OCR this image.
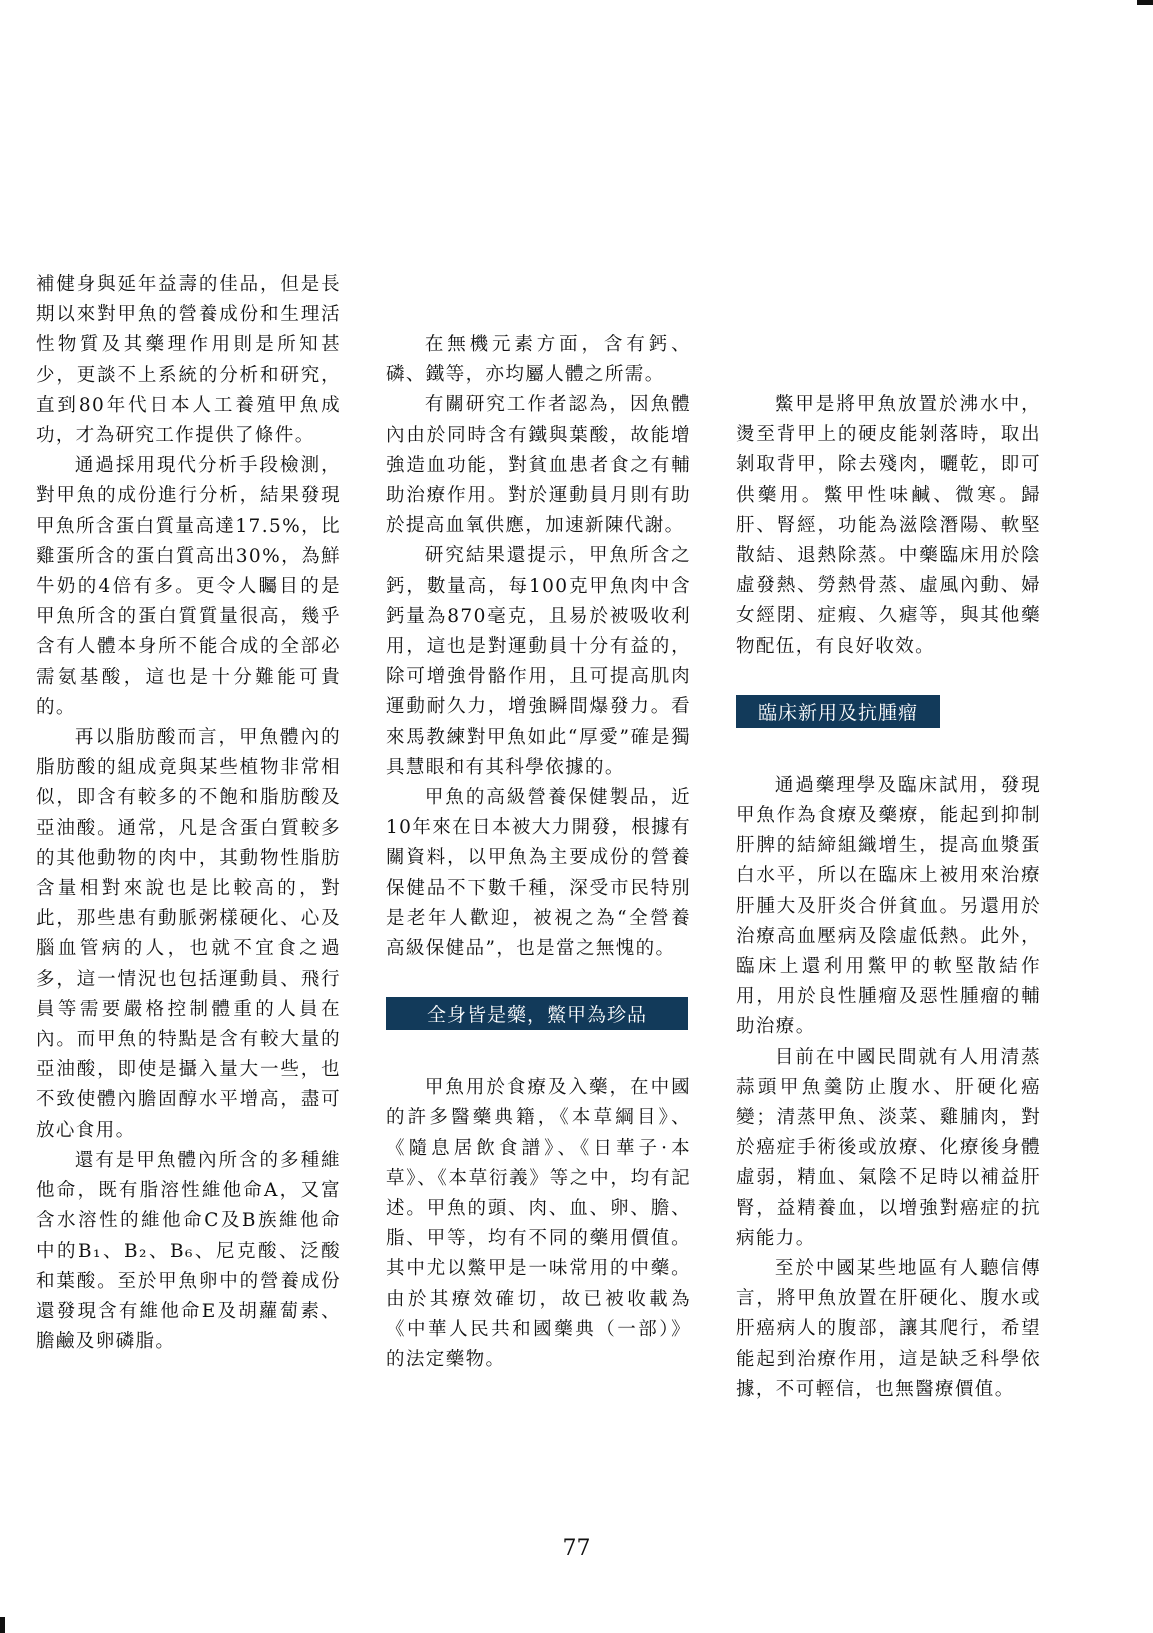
補健身與延年益壽的佳品，但是長期以來對甲魚的營養成份和生理活性物質及其藥理作用則是所知甚少，更談不上系統的分析和研究，直到80年代日本人工養殖甲魚成功，才為研究工作提供了條件。

通過採用現代分析手段檢測，對甲魚的成份進行分析，結果發現甲魚所含蛋白質量高達17.5%，比雞蛋所含的蛋白質高出30%，為鮮牛奶的4倍有多。更令人矚目的是甲魚所含的蛋白質質量很高，幾乎含有人體本身所不能合成的全部必需氨基酸，這也是十分難能可貴的。

再以脂肪酸而言，甲魚體內的脂肪酸的組成竟與某些植物非常相似，即含有較多的不飽和脂肪酸及亞油酸。通常，凡是含蛋白質較多的其他動物的肉中，其動物性脂肪含量相對來說也是比較高的，對此，那些患有動脈粥樣硬化、心及腦血管病的人，也就不宜食之過多，這一情況也包括運動員、飛行員等需要嚴格控制體重的人員在內。而甲魚的特點是含有較大量的亞油酸，即使是攝入量大一些，也不致使體內膽固醇水平增高，盡可放心食用。

還有是甲魚體內所含的多種維他命，既有脂溶性維他命A，又富含水溶性的維他命C及B族維他命中的B₁、B₂、B₆、尼克酸、泛酸和葉酸。至於甲魚卵中的營養成份還發現含有維他命E及胡蘿蔔素、膽鹼及卵磷脂。

在無機元素方面，含有鈣、磷、鐵等，亦均屬人體之所需。

有關研究工作者認為，因魚體內由於同時含有鐵與葉酸，故能增強造血功能，對貧血患者食之有輔助治療作用。對於運動員月則有助於提高血氧供應，加速新陳代謝。

研究結果還提示，甲魚所含之鈣，數量高，每100克甲魚肉中含鈣量為870毫克，且易於被吸收利用，這也是對運動員十分有益的，除可增強骨骼作用，且可提高肌肉運動耐久力，增強瞬間爆發力。看來馬教練對甲魚如此“厚愛”確是獨具慧眼和有其科學依據的。

甲魚的高級營養保健製品，近10年來在日本被大力開發，根據有關資料，以甲魚為主要成份的營養保健品不下數千種，深受市民特別是老年人歡迎，被視之為“全營養高級保健品”，也是當之無愧的。

全身皆是藥，鱉甲為珍品

甲魚用於食療及入藥，在中國的許多醫藥典籍，《本草綱目》、《隨息居飲食譜》、《日華子·本草》、《本草衍義》等之中，均有記述。甲魚的頭、肉、血、卵、膽、脂、甲等，均有不同的藥用價值。其中尤以鱉甲是一味常用的中藥。由於其療效確切，故已被收載為《中華人民共和國藥典（一部）》的法定藥物。

鱉甲是將甲魚放置於沸水中，燙至背甲上的硬皮能剝落時，取出剝取背甲，除去殘肉，曬乾，即可供藥用。鱉甲性味鹹、微寒。歸肝、腎經，功能為滋陰潛陽、軟堅散結、退熱除蒸。中藥臨床用於陰虛發熱、勞熱骨蒸、虛風內動、婦女經閉、症瘕、久瘧等，與其他藥物配伍，有良好收效。

臨床新用及抗腫瘤

通過藥理學及臨床試用，發現甲魚作為食療及藥療，能起到抑制肝脾的結締組織增生，提高血漿蛋白水平，所以在臨床上被用來治療肝腫大及肝炎合併貧血。另還用於治療高血壓病及陰虛低熱。此外，臨床上還利用鱉甲的軟堅散結作用，用於良性腫瘤及惡性腫瘤的輔助治療。

目前在中國民間就有人用清蒸蒜頭甲魚羹防止腹水、肝硬化癌變；清蒸甲魚、淡菜、雞脯肉，對於癌症手術後或放療、化療後身體虛弱，精血、氣陰不足時以補益肝腎，益精養血，以增強對癌症的抗病能力。

至於中國某些地區有人聽信傳言，將甲魚放置在肝硬化、腹水或肝癌病人的腹部，讓其爬行，希望能起到治療作用，這是缺乏科學依據，不可輕信，也無醫療價值。

77
